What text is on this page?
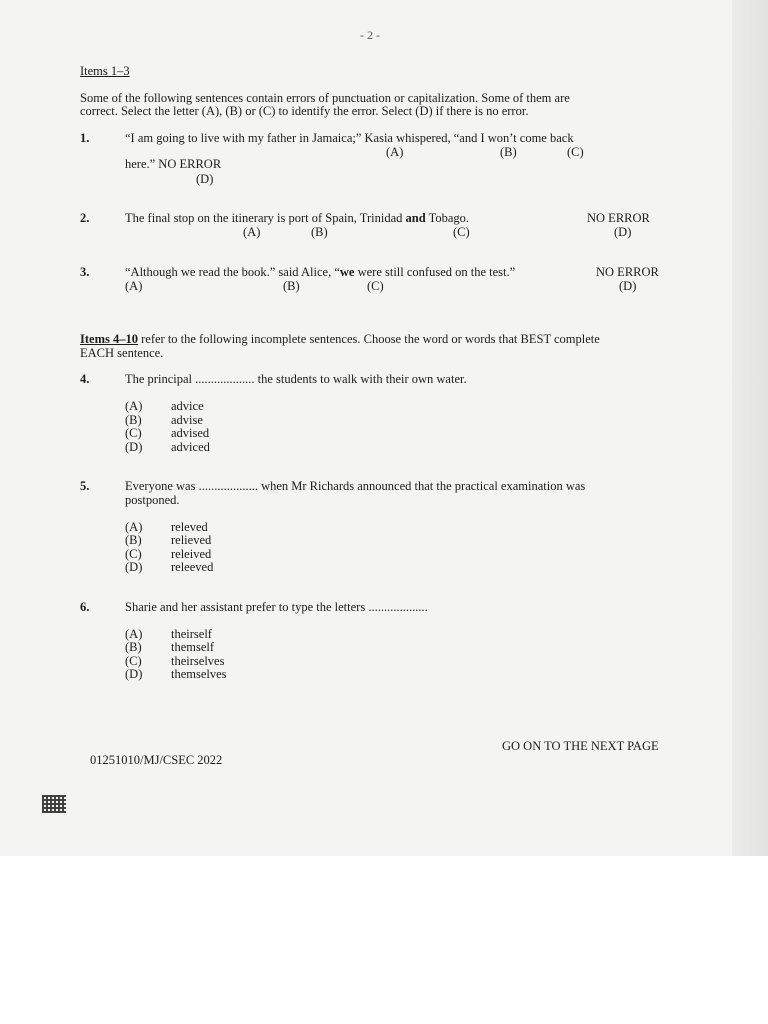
- 2 -
Items 1–3
Some of the following sentences contain errors of punctuation or capitalization. Some of them are
correct. Select the letter (A), (B) or (C) to identify the error. Select (D) if there is no error.
1.	“I am going to live with my father in Jamaica;” Kasia whispered, “and I won’t come back
(A)	(B)	(C)
here.” NO ERROR
(D)
2.	The final stop on the itinerary is port of Spain, Trinidad and Tobago.	NO ERROR
(A)	(B)	(C)	(D)
3.	“Although we read the book.” said Alice, “we were still confused on the test.”	NO ERROR
(A)	(B)	(C)	(D)
Items 4–10 refer to the following incomplete sentences. Choose the word or words that BEST complete
EACH sentence.
4.	The principal ................... the students to walk with their own water.
(A) advice
(B) advise
(C) advised
(D) adviced
5.	Everyone was ................... when Mr Richards announced that the practical examination was
postponed.
(A) releved
(B) relieved
(C) releived
(D) releeved
6.	Sharie and her assistant prefer to type the letters ...................
(A) theirself
(B) themself
(C) theirselves
(D) themselves
GO ON TO THE NEXT PAGE
01251010/MJ/CSEC 2022
